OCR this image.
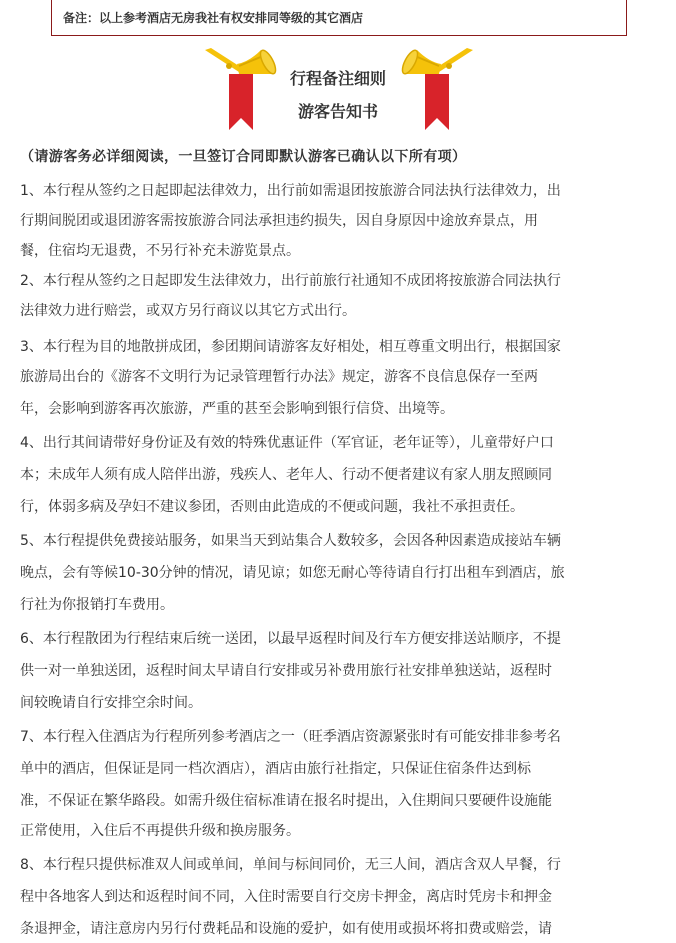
备注：以上参考酒店无房我社有权安排同等级的其它酒店
行程备注细则
游客告知书
（请游客务必详细阅读，一旦签订合同即默认游客已确认以下所有项）
1、本行程从签约之日起即起法律效力，出行前如需退团按旅游合同法执行法律效力，出
行期间脱团或退团游客需按旅游合同法承担违约损失，因自身原因中途放弃景点，用
餐，住宿均无退费，不另行补充未游览景点。
2、本行程从签约之日起即发生法律效力，出行前旅行社通知不成团将按旅游合同法执行
法律效力进行赔尝，或双方另行商议以其它方式出行。
3、本行程为目的地散拼成团，参团期间请游客友好相处，相互尊重文明出行，根据国家
旅游局出台的《游客不文明行为记录管理暂行办法》规定，游客不良信息保存一至两
年，会影响到游客再次旅游，严重的甚至会影响到银行信贷、出境等。
4、出行其间请带好身份证及有效的特殊优惠证件（军官证，老年证等），儿童带好户口
本；未成年人须有成人陪伴出游，残疾人、老年人、行动不便者建议有家人朋友照顾同
行，体弱多病及孕妇不建议参团，否则由此造成的不便或问题，我社不承担责任。
5、本行程提供免费接站服务，如果当天到站集合人数较多，会因各种因素造成接站车辆
晚点，会有等候10-30分钟的情况，请见谅；如您无耐心等待请自行打出租车到酒店，旅
行社为你报销打车费用。
6、本行程散团为行程结束后统一送团，以最早返程时间及行车方便安排送站顺序，不提
供一对一单独送团，返程时间太早请自行安排或另补费用旅行社安排单独送站，返程时
间较晚请自行安排空余时间。
7、本行程入住酒店为行程所列参考酒店之一（旺季酒店资源紧张时有可能安排非参考名
单中的酒店，但保证是同一档次酒店），酒店由旅行社指定，只保证住宿条件达到标
准，不保证在繁华路段。如需升级住宿标准请在报名时提出，入住期间只要硬件设施能
正常使用，入住后不再提供升级和换房服务。
8、本行程只提供标准双人间或单间，单间与标间同价，无三人间，酒店含双人早餐，行
程中各地客人到达和返程时间不同，入住时需要自行交房卡押金，离店时凭房卡和押金
条退押金，请注意房内另行付费耗品和设施的爱护，如有使用或损坏将扣费或赔尝，请
